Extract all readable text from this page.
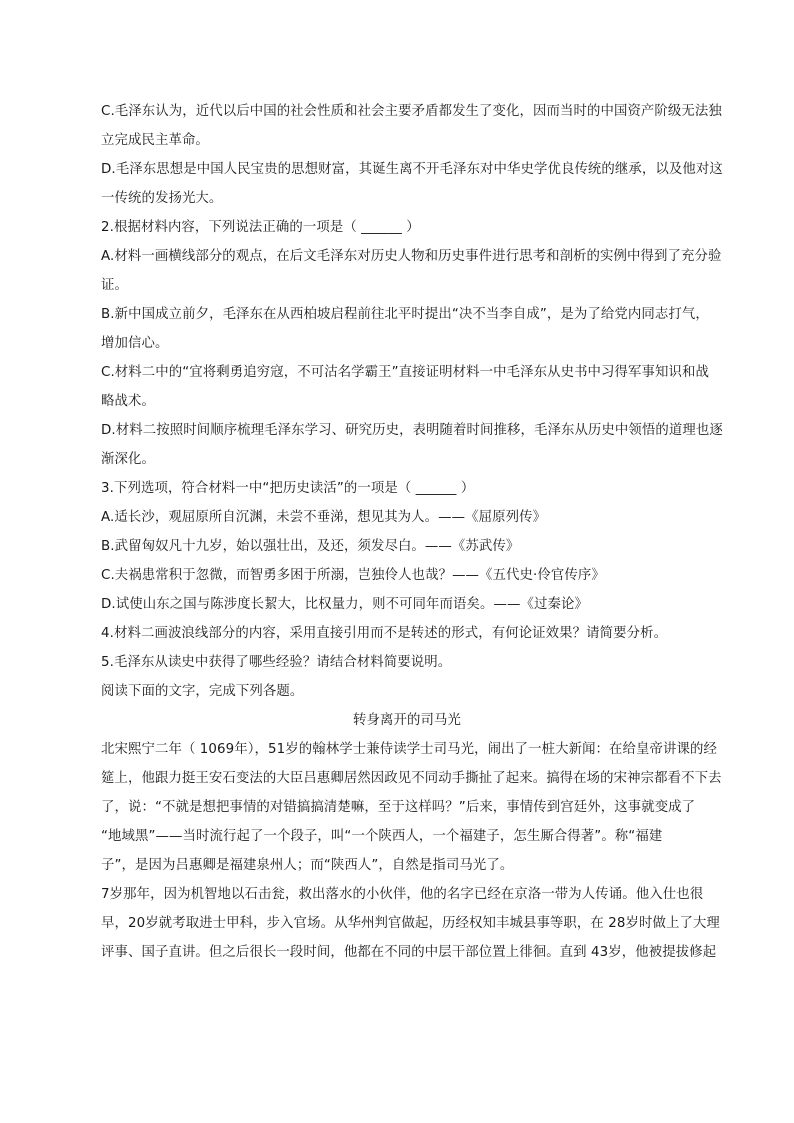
C.毛泽东认为，近代以后中国的社会性质和社会主要矛盾都发生了变化，因而当时的中国资产阶级无法独
立完成民主革命。
D.毛泽东思想是中国人民宝贵的思想财富，其诞生离不开毛泽东对中华史学优良传统的继承，以及他对这
一传统的发扬光大。
2.根据材料内容，下列说法正确的一项是（ ______ ）
A.材料一画横线部分的观点，在后文毛泽东对历史人物和历史事件进行思考和剖析的实例中得到了充分验
证。
B.新中国成立前夕，毛泽东在从西柏坡启程前往北平时提出“决不当李自成”，是为了给党内同志打气，
增加信心。
C.材料二中的“宜将剩勇追穷寇，不可沽名学霸王”直接证明材料一中毛泽东从史书中习得军事知识和战
略战术。
D.材料二按照时间顺序梳理毛泽东学习、研究历史，表明随着时间推移，毛泽东从历史中领悟的道理也逐
渐深化。
3.下列选项，符合材料一中“把历史读活”的一项是（ ______ ）
A.适长沙，观屈原所自沉渊，未尝不垂涕，想见其为人。——《屈原列传》
B.武留匈奴凡十九岁，始以强壮出，及还，须发尽白。——《苏武传》
C.夫祸患常积于忽微，而智勇多困于所溺，岂独伶人也哉？——《五代史·伶官传序》
D.试使山东之国与陈涉度长絜大，比权量力，则不可同年而语矣。——《过秦论》
4.材料二画波浪线部分的内容，采用直接引用而不是转述的形式，有何论证效果？请简要分析。
5.毛泽东从读史中获得了哪些经验？请结合材料简要说明。
阅读下面的文字，完成下列各题。
转身离开的司马光
北宋熙宁二年（ 1069年），51岁的翰林学士兼侍读学士司马光，闹出了一桩大新闻：在给皇帝讲课的经
筵上，他跟力挺王安石变法的大臣吕惠卿居然因政见不同动手撕扯了起来。搞得在场的宋神宗都看不下去
了，说：“不就是想把事情的对错搞搞清楚嘛，至于这样吗？”后来，事情传到宫廷外，这事就变成了
“地域黑”——当时流行起了一个段子，叫“一个陕西人，一个福建子，怎生厮合得著”。称“福建
子”，是因为吕惠卿是福建泉州人；而“陕西人”，自然是指司马光了。
7岁那年，因为机智地以石击瓮，救出落水的小伙伴，他的名字已经在京洛一带为人传诵。他入仕也很
早，20岁就考取进士甲科，步入官场。从华州判官做起，历经权知丰城县事等职，在 28岁时做上了大理
评事、国子直讲。但之后很长一段时间，他都在不同的中层干部位置上徘徊。直到 43岁，他被提拔修起
